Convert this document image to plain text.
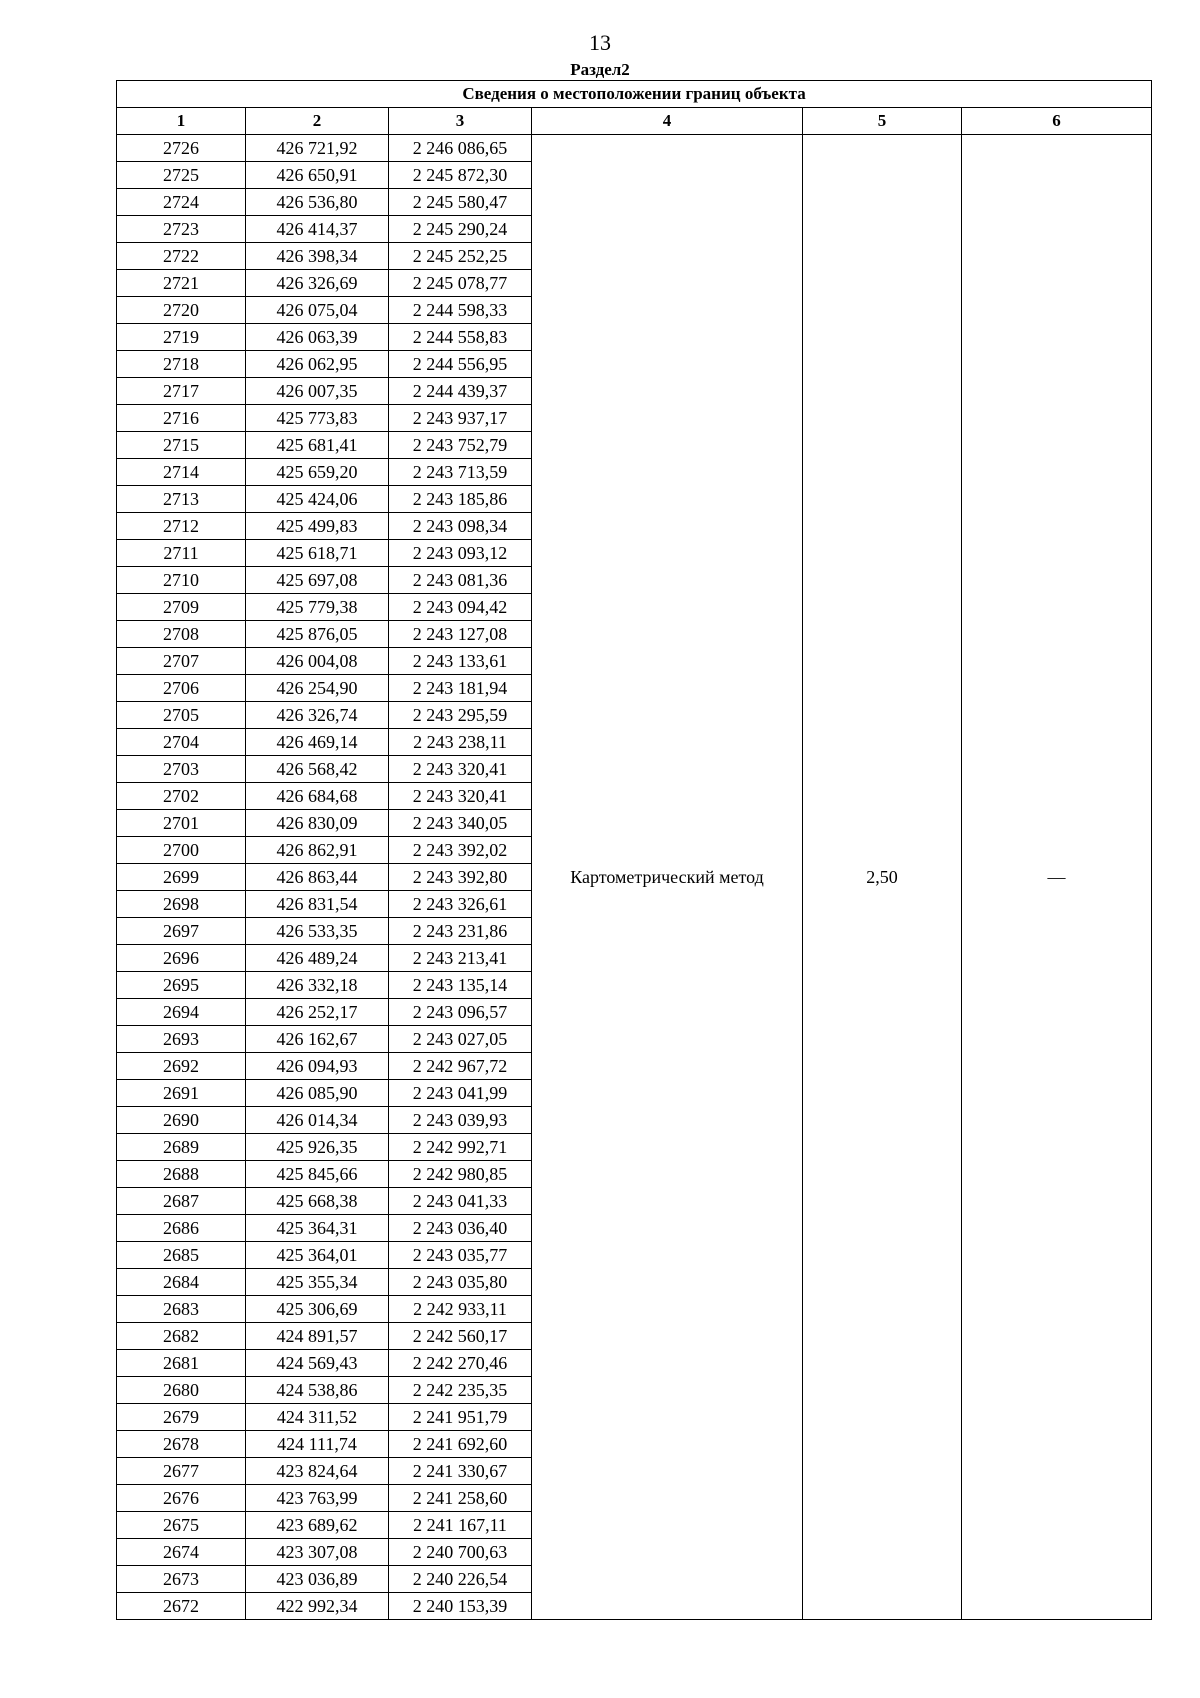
13
Раздел2
Сведения о местоположении границ объекта					
1	2	3	4	5	6
2726	426 721,92	2 246 086,65	Картометрический метод	2,50	—
2725	426 650,91	2 245 872,30			
2724	426 536,80	2 245 580,47			
2723	426 414,37	2 245 290,24			
2722	426 398,34	2 245 252,25			
2721	426 326,69	2 245 078,77			
2720	426 075,04	2 244 598,33			
2719	426 063,39	2 244 558,83			
2718	426 062,95	2 244 556,95			
2717	426 007,35	2 244 439,37			
2716	425 773,83	2 243 937,17			
2715	425 681,41	2 243 752,79			
2714	425 659,20	2 243 713,59			
2713	425 424,06	2 243 185,86			
2712	425 499,83	2 243 098,34			
2711	425 618,71	2 243 093,12			
2710	425 697,08	2 243 081,36			
2709	425 779,38	2 243 094,42			
2708	425 876,05	2 243 127,08			
2707	426 004,08	2 243 133,61			
2706	426 254,90	2 243 181,94			
2705	426 326,74	2 243 295,59			
2704	426 469,14	2 243 238,11			
2703	426 568,42	2 243 320,41			
2702	426 684,68	2 243 320,41			
2701	426 830,09	2 243 340,05			
2700	426 862,91	2 243 392,02			
2699	426 863,44	2 243 392,80			
2698	426 831,54	2 243 326,61			
2697	426 533,35	2 243 231,86			
2696	426 489,24	2 243 213,41			
2695	426 332,18	2 243 135,14			
2694	426 252,17	2 243 096,57			
2693	426 162,67	2 243 027,05			
2692	426 094,93	2 242 967,72			
2691	426 085,90	2 243 041,99			
2690	426 014,34	2 243 039,93			
2689	425 926,35	2 242 992,71			
2688	425 845,66	2 242 980,85			
2687	425 668,38	2 243 041,33			
2686	425 364,31	2 243 036,40			
2685	425 364,01	2 243 035,77			
2684	425 355,34	2 243 035,80			
2683	425 306,69	2 242 933,11			
2682	424 891,57	2 242 560,17			
2681	424 569,43	2 242 270,46			
2680	424 538,86	2 242 235,35			
2679	424 311,52	2 241 951,79			
2678	424 111,74	2 241 692,60			
2677	423 824,64	2 241 330,67			
2676	423 763,99	2 241 258,60			
2675	423 689,62	2 241 167,11			
2674	423 307,08	2 240 700,63			
2673	423 036,89	2 240 226,54			
2672	422 992,34	2 240 153,39			
